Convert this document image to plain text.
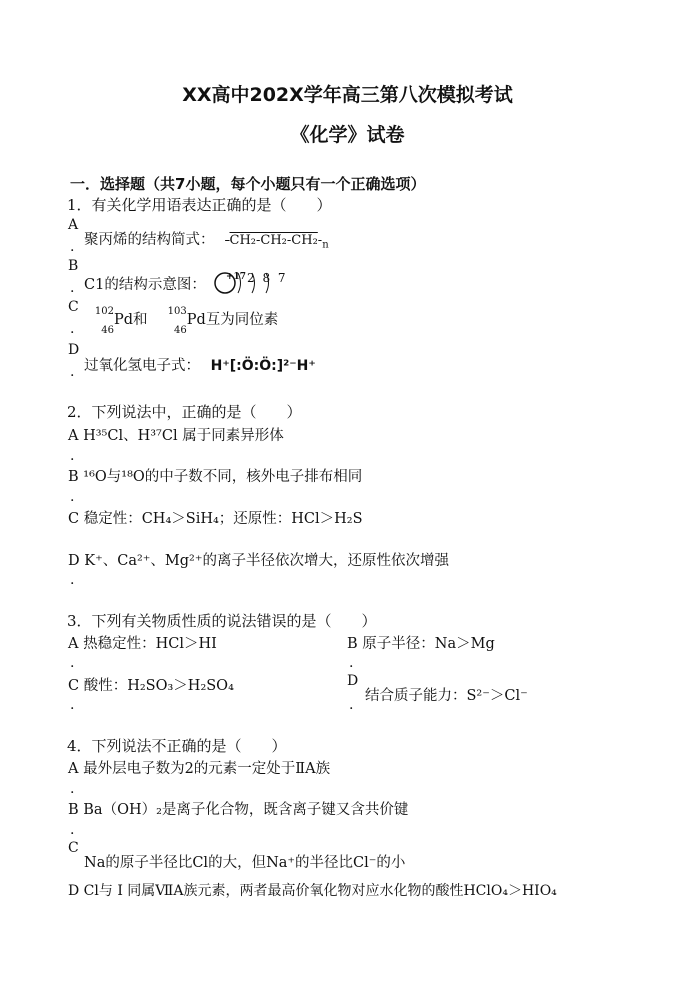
XX高中202X学年高三第八次模拟考试
《化学》试卷
一．选择题（共7小题，每个小题只有一个正确选项）
1．有关化学用语表达正确的是（　　）
A
. 聚丙烯的结构简式： $-CH_2-CH_2-CH_2-_n$
B
. C1的结构示意图： +17 2 8 7
C
.
102
46
Pd和
103
46
Pd互为同位素
D
. 过氧化氢电子式： H⁺[:Ö:Ö:]²⁻H⁺
2．下列说法中，正确的是（　　）
A H³⁵Cl、H³⁷Cl 属于同素异形体
.
B ¹⁶O与¹⁸O的中子数不同，核外电子排布相同
.
C 稳定性：CH₄＞SiH₄；还原性：HCl＞H₂S
D K⁺、Ca²⁺、Mg²⁺的离子半径依次增大，还原性依次增强
.
3．下列有关物质性质的说法错误的是（　　）
A 热稳定性：HCl＞HI
.
B 原子半径：Na＞Mg
.
C 酸性：H₂SO₃＞H₂SO₄
.
D
结合质子能力：S²⁻＞Cl⁻
.
4．下列说法不正确的是（　　）
A 最外层电子数为2的元素一定处于ⅡA族
.
B Ba（OH）₂是离子化合物，既含离子键又含共价键
.
C
Na的原子半径比Cl的大，但Na⁺的半径比Cl⁻的小
D Cl与 I 同属ⅦA族元素，两者最高价氧化物对应水化物的酸性HClO₄＞HIO₄
